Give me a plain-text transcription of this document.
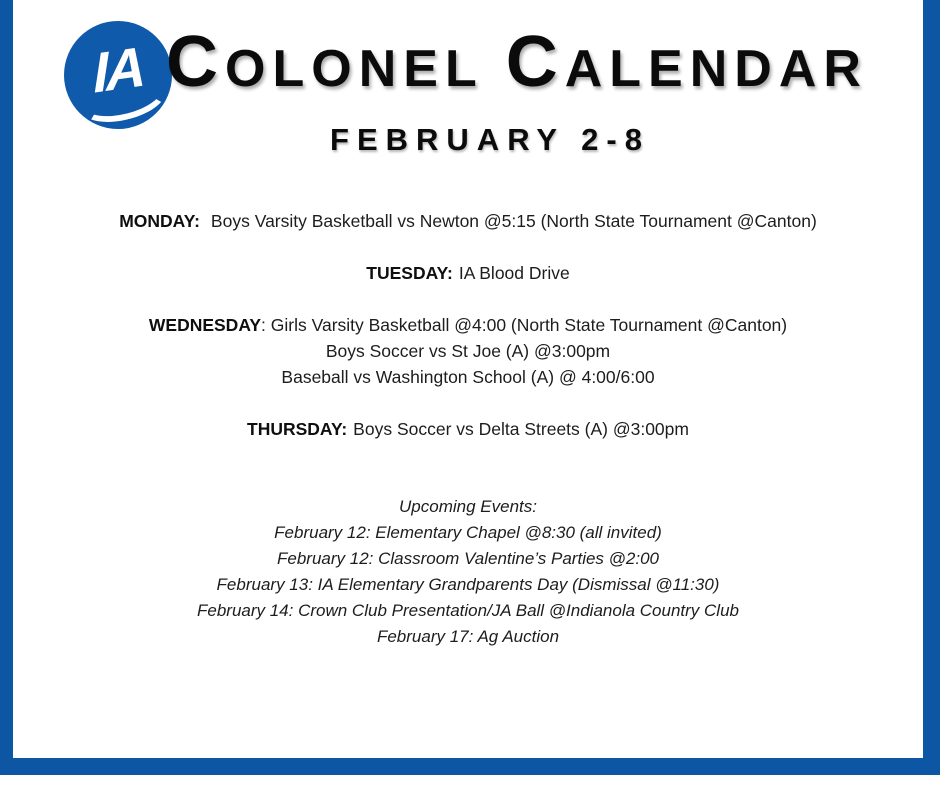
IA COLONEL CALENDAR
FEBRUARY 2-8

MONDAY: Boys Varsity Basketball vs Newton @5:15 (North State Tournament @Canton)

TUESDAY: IA Blood Drive

WEDNESDAY: Girls Varsity Basketball @4:00 (North State Tournament @Canton)

Boys Soccer vs St Joe (A) @3:00pm

Baseball vs Washington School (A) @ 4:00/6:00

THURSDAY: Boys Soccer vs Delta Streets (A) @3:00pm

Upcoming Events:

February 12: Elementary Chapel @8:30 (all invited)

February 12: Classroom Valentine’s Parties @2:00

February 13: IA Elementary Grandparents Day (Dismissal @11:30)

February 14: Crown Club Presentation/JA Ball @Indianola Country Club

February 17: Ag Auction
